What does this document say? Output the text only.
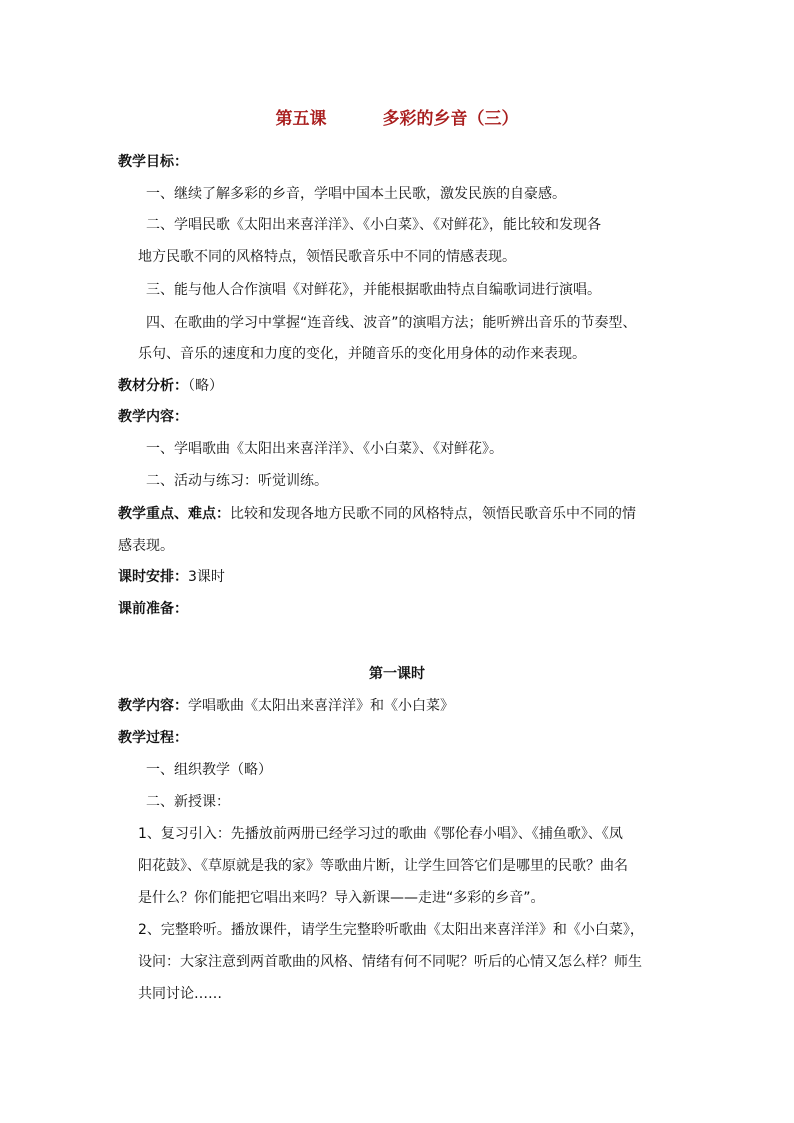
第五课	多彩的乡音（三）
教学目标：
一、继续了解多彩的乡音，学唱中国本土民歌，激发民族的自豪感。
二、学唱民歌《太阳出来喜洋洋》、《小白菜》、《对鲜花》，能比较和发现各
地方民歌不同的风格特点，领悟民歌音乐中不同的情感表现。
三、能与他人合作演唱《对鲜花》，并能根据歌曲特点自编歌词进行演唱。
四、在歌曲的学习中掌握“连音线、波音”的演唱方法；能听辨出音乐的节奏型、
乐句、音乐的速度和力度的变化，并随音乐的变化用身体的动作来表现。
教材分析：（略）
教学内容：
一、学唱歌曲《太阳出来喜洋洋》、《小白菜》、《对鲜花》。
二、活动与练习：听觉训练。
教学重点、难点：比较和发现各地方民歌不同的风格特点，领悟民歌音乐中不同的情
感表现。
课时安排：3课时
课前准备：
第一课时
教学内容：学唱歌曲《太阳出来喜洋洋》和《小白菜》
教学过程：
一、组织教学（略）
二、新授课：
1、复习引入：先播放前两册已经学习过的歌曲《鄂伦春小唱》、《捕鱼歌》、《凤
阳花鼓》、《草原就是我的家》等歌曲片断，让学生回答它们是哪里的民歌？曲名
是什么？你们能把它唱出来吗？导入新课——走进“多彩的乡音”。
2、完整聆听。播放课件，请学生完整聆听歌曲《太阳出来喜洋洋》和《小白菜》，
设问：大家注意到两首歌曲的风格、情绪有何不同呢？听后的心情又怎么样？师生
共同讨论……
